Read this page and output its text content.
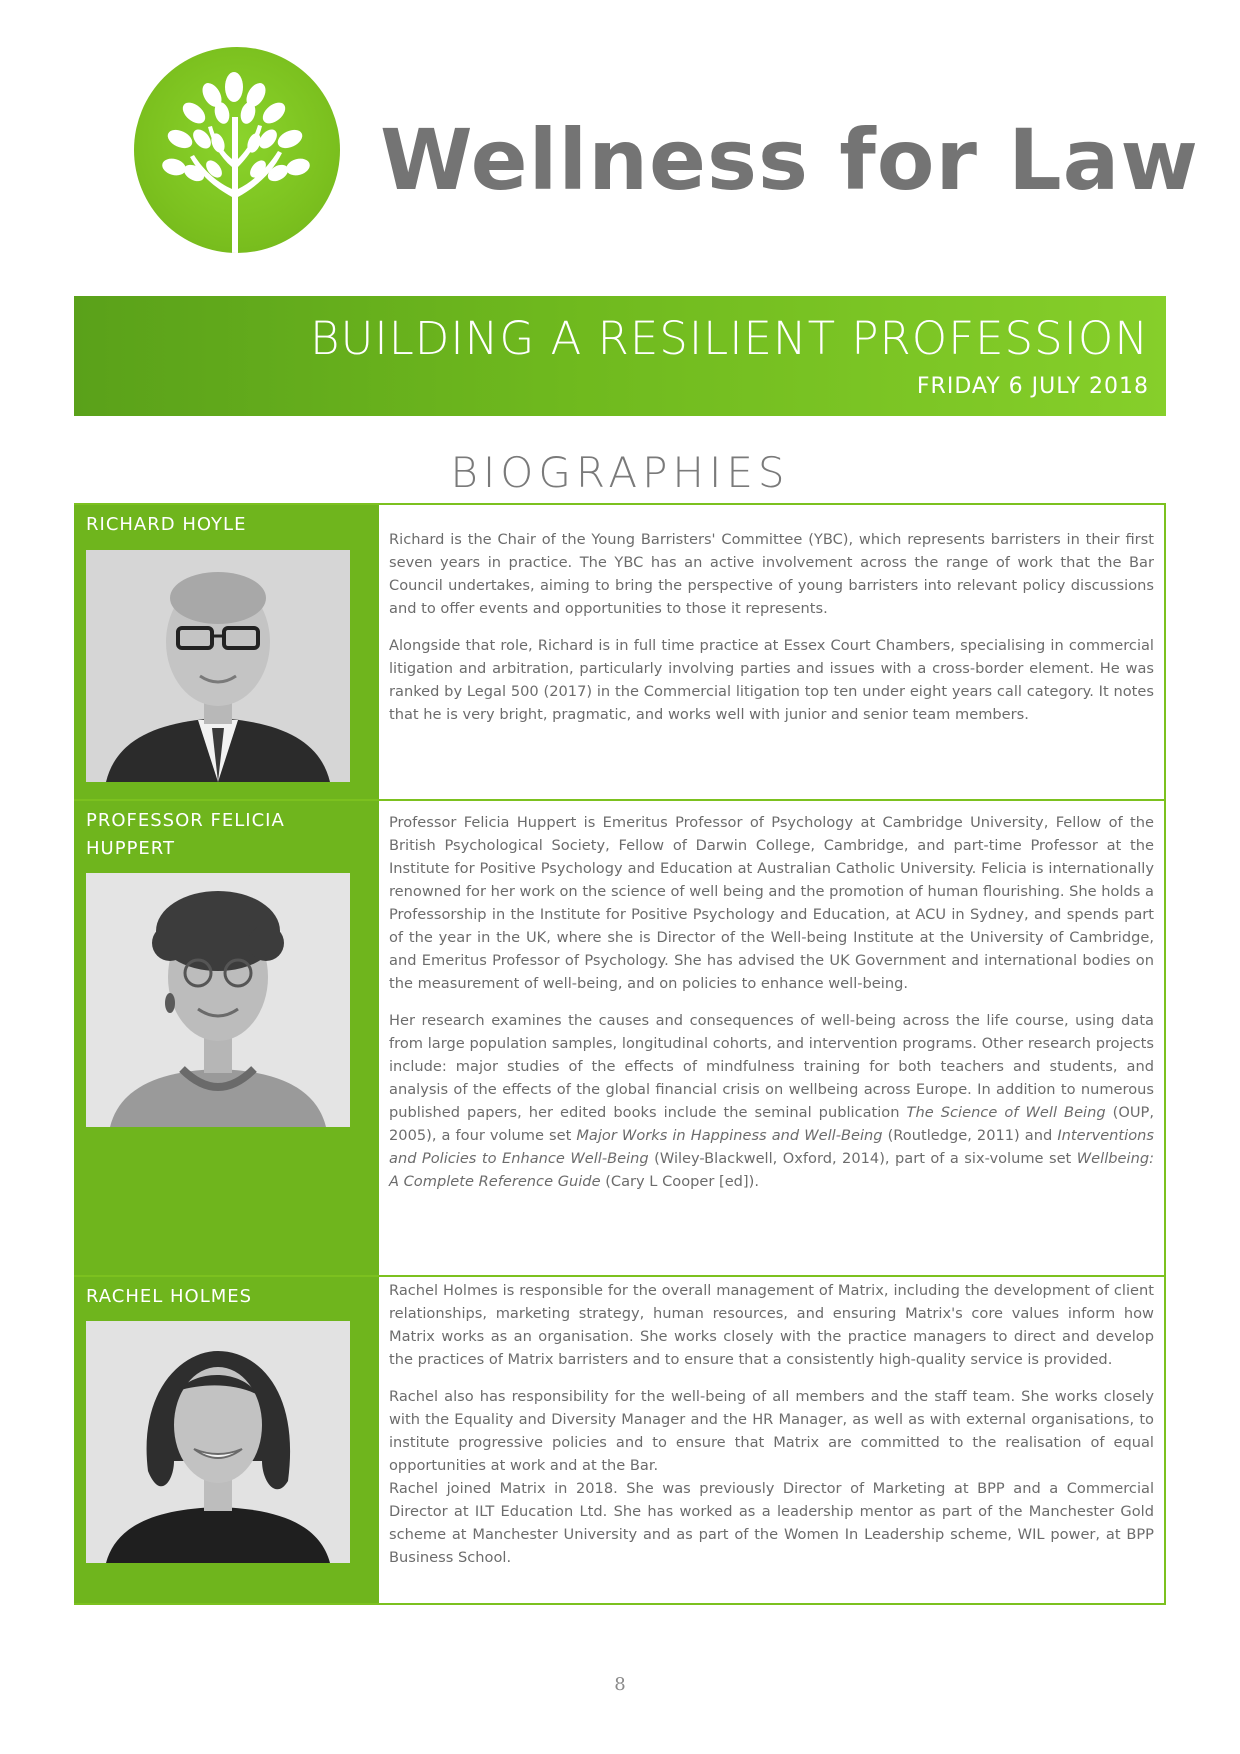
Wellness for Law
BUILDING A RESILIENT PROFESSION
FRIDAY 6 JULY 2018
BIOGRAPHIES
RICHARD HOYLE

Richard is the Chair of the Young Barristers' Committee (YBC), which represents barristers in their first seven years in practice. The YBC has an active involvement across the range of work that the Bar Council undertakes, aiming to bring the perspective of young barristers into relevant policy discussions and to offer events and opportunities to those it represents.

Alongside that role, Richard is in full time practice at Essex Court Chambers, specialising in commercial litigation and arbitration, particularly involving parties and issues with a cross-border element. He was ranked by Legal 500 (2017) in the Commercial litigation top ten under eight years call category. It notes that he is very bright, pragmatic, and works well with junior and senior team members.

PROFESSOR FELICIA HUPPERT

Professor Felicia Huppert is Emeritus Professor of Psychology at Cambridge University, Fellow of the British Psychological Society, Fellow of Darwin College, Cambridge, and part-time Professor at the Institute for Positive Psychology and Education at Australian Catholic University. Felicia is internationally renowned for her work on the science of well being and the promotion of human flourishing. She holds a Professorship in the Institute for Positive Psychology and Education, at ACU in Sydney, and spends part of the year in the UK, where she is Director of the Well-being Institute at the University of Cambridge, and Emeritus Professor of Psychology. She has advised the UK Government and international bodies on the measurement of well-being, and on policies to enhance well-being.

Her research examines the causes and consequences of well-being across the life course, using data from large population samples, longitudinal cohorts, and intervention programs. Other research projects include: major studies of the effects of mindfulness training for both teachers and students, and analysis of the effects of the global financial crisis on wellbeing across Europe. In addition to numerous published papers, her edited books include the seminal publication The Science of Well Being (OUP, 2005), a four volume set Major Works in Happiness and Well-Being (Routledge, 2011) and Interventions and Policies to Enhance Well-Being (Wiley-Blackwell, Oxford, 2014), part of a six-volume set Wellbeing: A Complete Reference Guide (Cary L Cooper [ed]).

RACHEL HOLMES	Rachel Holmes is responsible for the overall management of Matrix, including the development of client relationships, marketing strategy, human resources, and ensuring Matrix's core values inform how Matrix works as an organisation. She works closely with the practice managers to direct and develop the practices of Matrix barristers and to ensure that a consistently high-quality service is provided.

Rachel also has responsibility for the well-being of all members and the staff team. She works closely with the Equality and Diversity Manager and the HR Manager, as well as with external organisations, to institute progressive policies and to ensure that Matrix are committed to the realisation of equal opportunities at work and at the Bar.

Rachel joined Matrix in 2018. She was previously Director of Marketing at BPP and a Commercial Director at ILT Education Ltd. She has worked as a leadership mentor as part of the Manchester Gold scheme at Manchester University and as part of the Women In Leadership scheme, WIL power, at BPP Business School.

8
